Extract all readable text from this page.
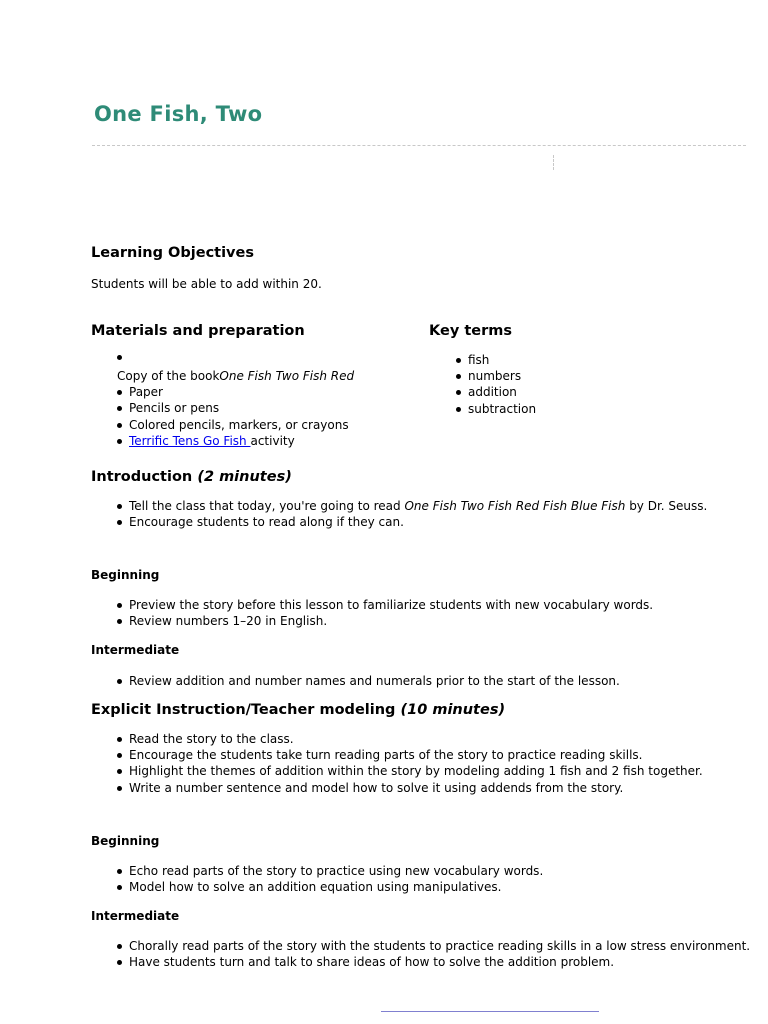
One Fish, Two
Learning Objectives

Students will be able to add within 20.

Materials and preparation
Copy of the bookOne Fish Two Fish Red
Paper
Pencils or pens
Colored pencils, markers, or crayons
Terrific Tens Go Fish activity
Key terms
fish
numbers
addition
subtraction
Introduction (2 minutes)
Tell the class that today, you're going to read One Fish Two Fish Red Fish Blue Fish by Dr. Seuss.
Encourage students to read along if they can.
Beginning
Preview the story before this lesson to familiarize students with new vocabulary words.
Review numbers 1–20 in English.
Intermediate
Review addition and number names and numerals prior to the start of the lesson.
Explicit Instruction/Teacher modeling (10 minutes)
Read the story to the class.
Encourage the students take turn reading parts of the story to practice reading skills.
Highlight the themes of addition within the story by modeling adding 1 fish and 2 fish together.
Write a number sentence and model how to solve it using addends from the story.
Beginning
Echo read parts of the story to practice using new vocabulary words.
Model how to solve an addition equation using manipulatives.
Intermediate
Chorally read parts of the story with the students to practice reading skills in a low stress environment.
Have students turn and talk to share ideas of how to solve the addition problem.
